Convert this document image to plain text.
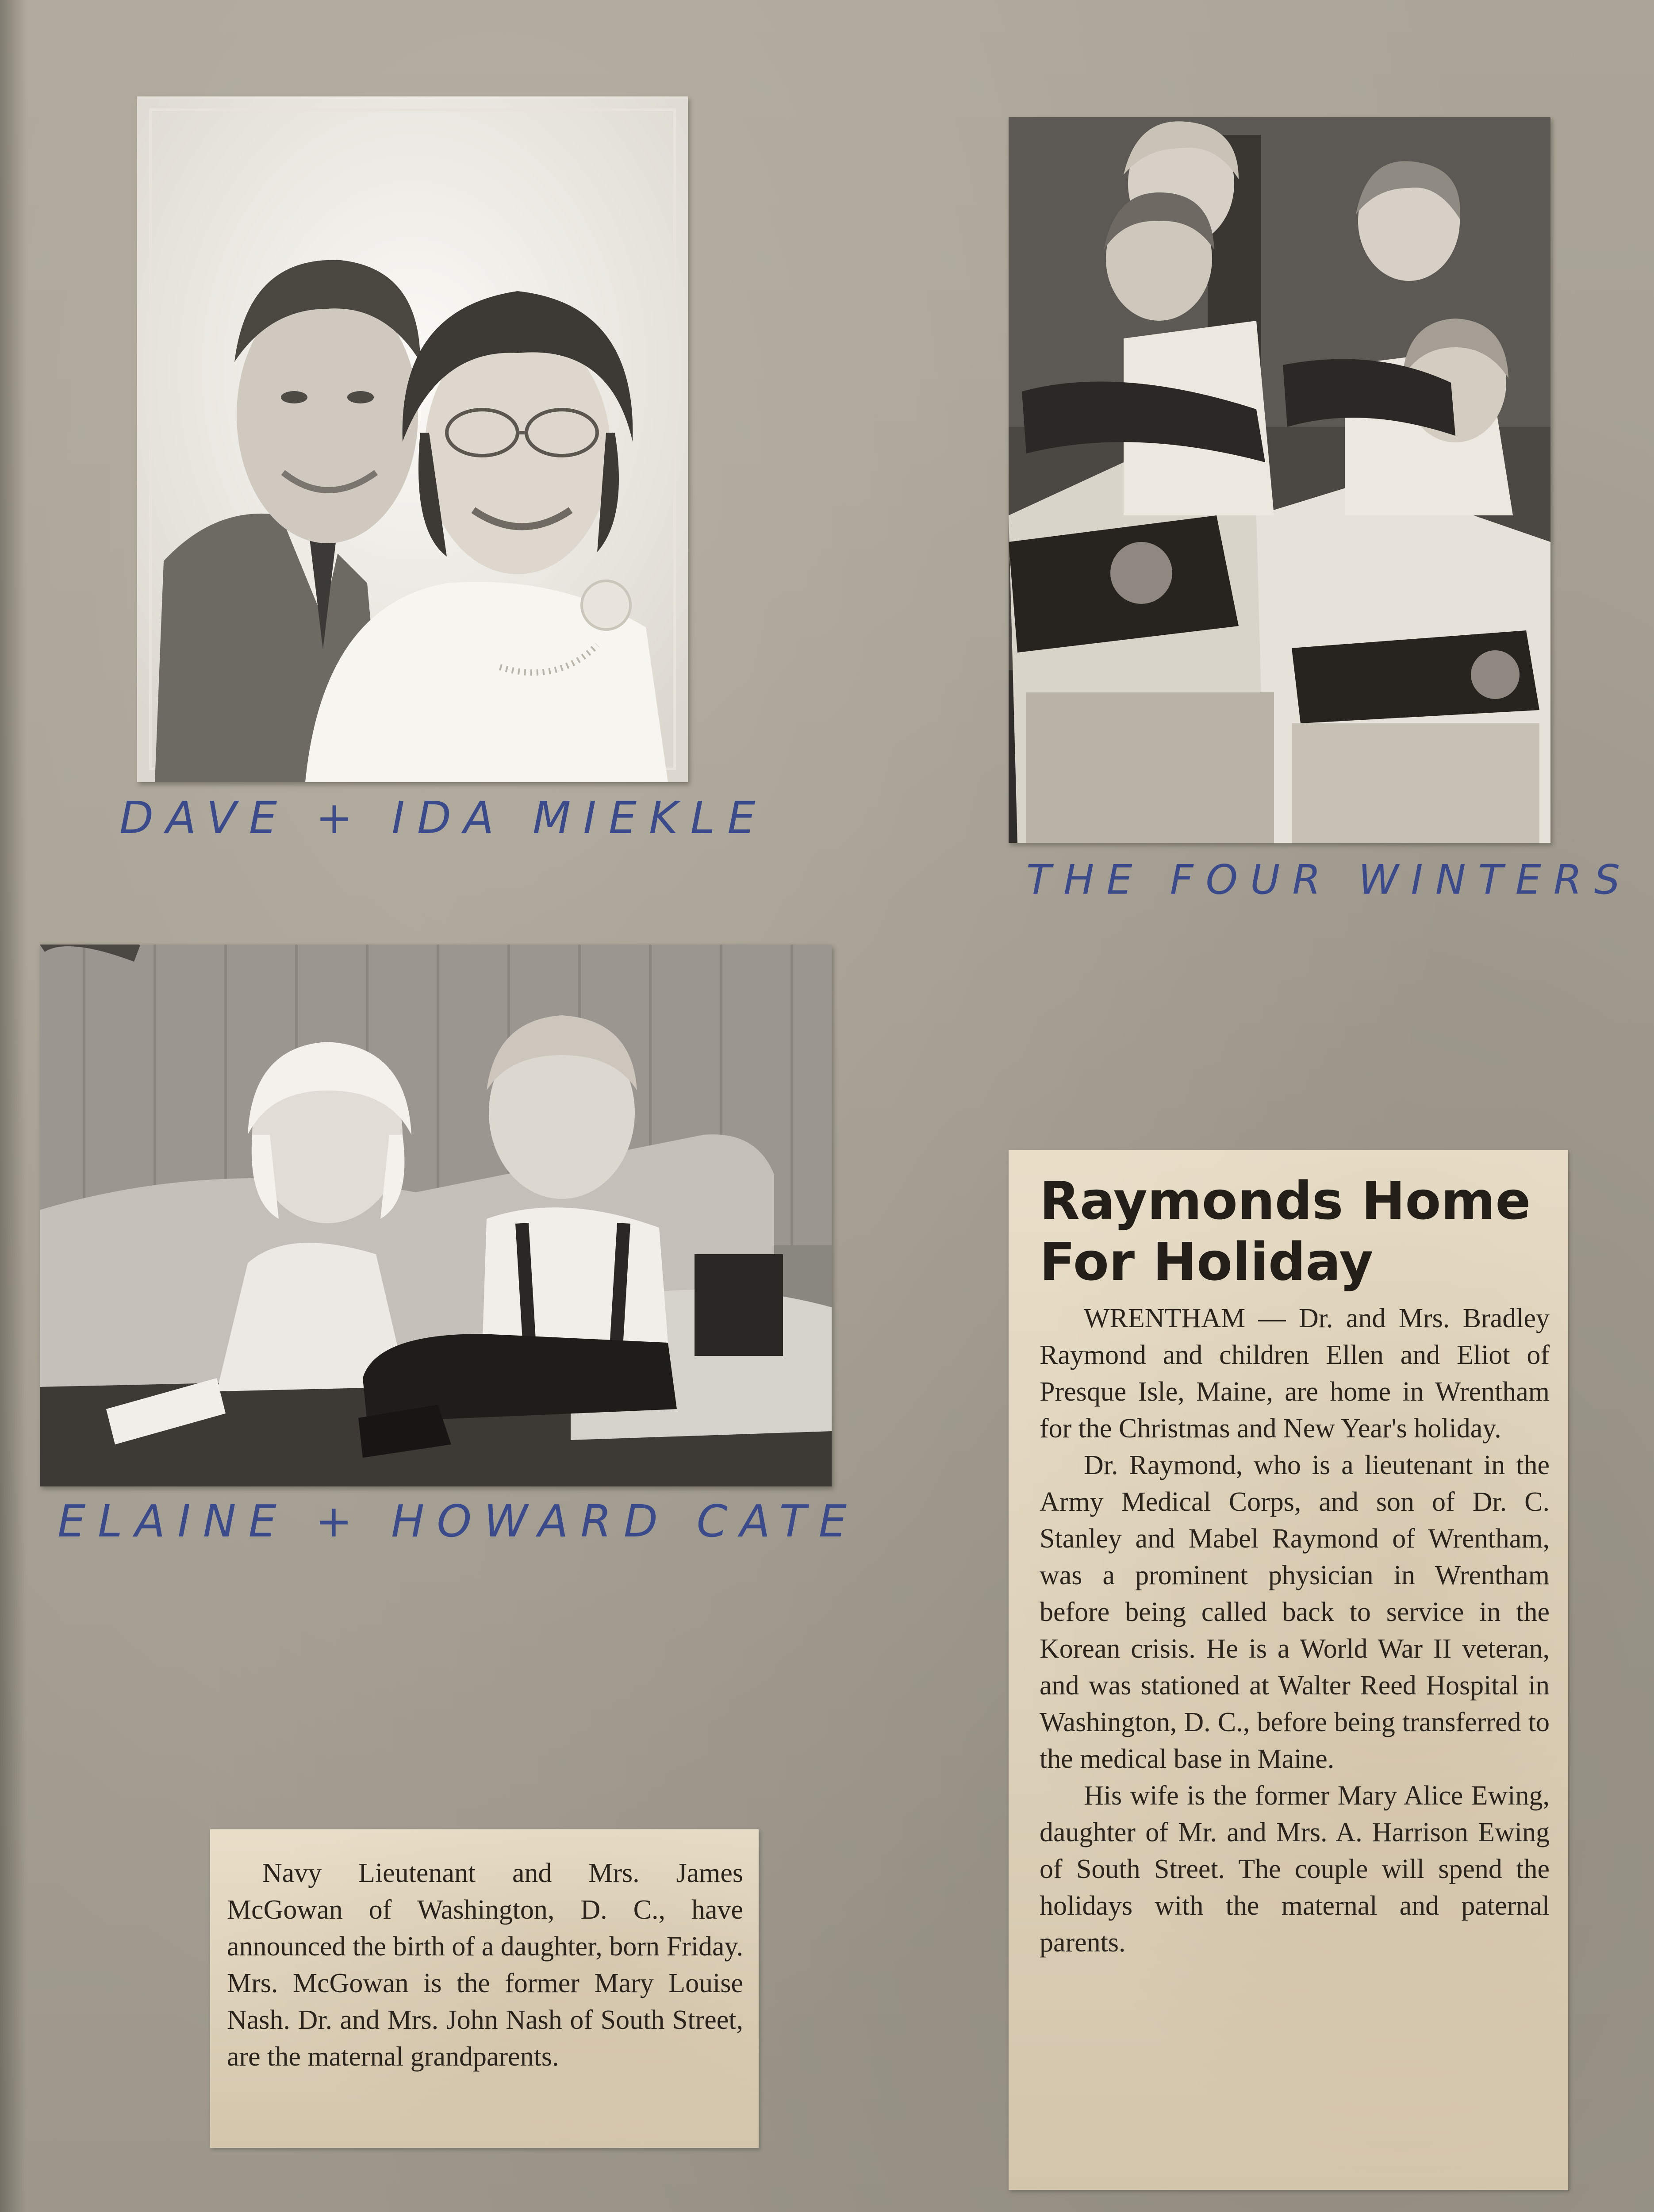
DAVE + IDA MIEKLE
THE FOUR WINTERS
ELAINE + HOWARD CATE
Raymonds Home
For Holiday

WRENTHAM — Dr. and Mrs. Bradley Raymond and children Ellen and Eliot of Presque Isle, Maine, are home in Wrentham for the Christmas and New Year's holiday.

Dr. Raymond, who is a lieutenant in the Army Medical Corps, and son of Dr. C. Stanley and Mabel Raymond of Wrentham, was a prominent physician in Wrentham before being called back to service in the Korean crisis. He is a World War II veteran, and was stationed at Walter Reed Hospital in Washington, D. C., before being transferred to the medical base in Maine.

His wife is the former Mary Alice Ewing, daughter of Mr. and Mrs. A. Harrison Ewing of South Street. The couple will spend the holidays with the maternal and paternal parents.

Navy Lieutenant and Mrs. James McGowan of Washington, D. C., have announced the birth of a daughter, born Friday. Mrs. McGowan is the former Mary Louise Nash. Dr. and Mrs. John Nash of South Street, are the maternal grandparents.
